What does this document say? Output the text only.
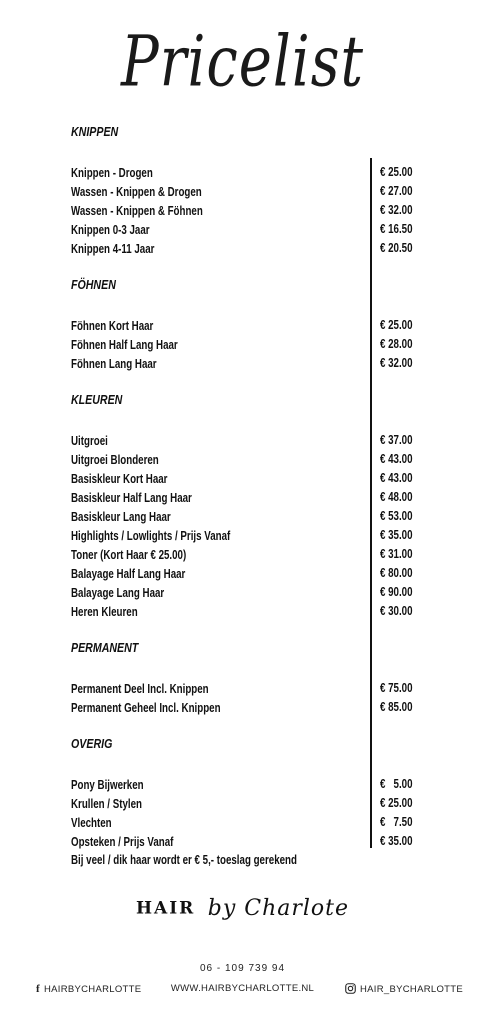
Pricelist
KNIPPEN
Knippen - Drogen	€ 25.00
Wassen - Knippen & Drogen	€ 27.00
Wassen - Knippen & Föhnen	€ 32.00
Knippen 0-3 Jaar	€ 16.50
Knippen 4-11 Jaar	€ 20.50
FÖHNEN
Föhnen Kort Haar	€ 25.00
Föhnen Half Lang Haar	€ 28.00
Föhnen Lang Haar	€ 32.00
KLEUREN
Uitgroei	€ 37.00
Uitgroei Blonderen	€ 43.00
Basiskleur Kort Haar	€ 43.00
Basiskleur Half Lang Haar	€ 48.00
Basiskleur Lang Haar	€ 53.00
Highlights / Lowlights / Prijs Vanaf	€ 35.00
Toner (Kort Haar € 25.00)	€ 31.00
Balayage Half Lang Haar	€ 80.00
Balayage Lang Haar	€ 90.00
Heren Kleuren	€ 30.00
PERMANENT
Permanent Deel Incl. Knippen	€ 75.00
Permanent Geheel Incl. Knippen	€ 85.00
OVERIG
Pony Bijwerken	€   5.00
Krullen / Stylen	€ 25.00
Vlechten	€   7.50
Opsteken / Prijs Vanaf	€ 35.00
Bij veel / dik haar wordt er € 5,- toeslag gerekend
HAIR by Charlote
06 - 109 739 94
f HAIRBYCHARLOTTE	WWW.HAIRBYCHARLOTTE.NL	HAIR_BYCHARLOTTE
